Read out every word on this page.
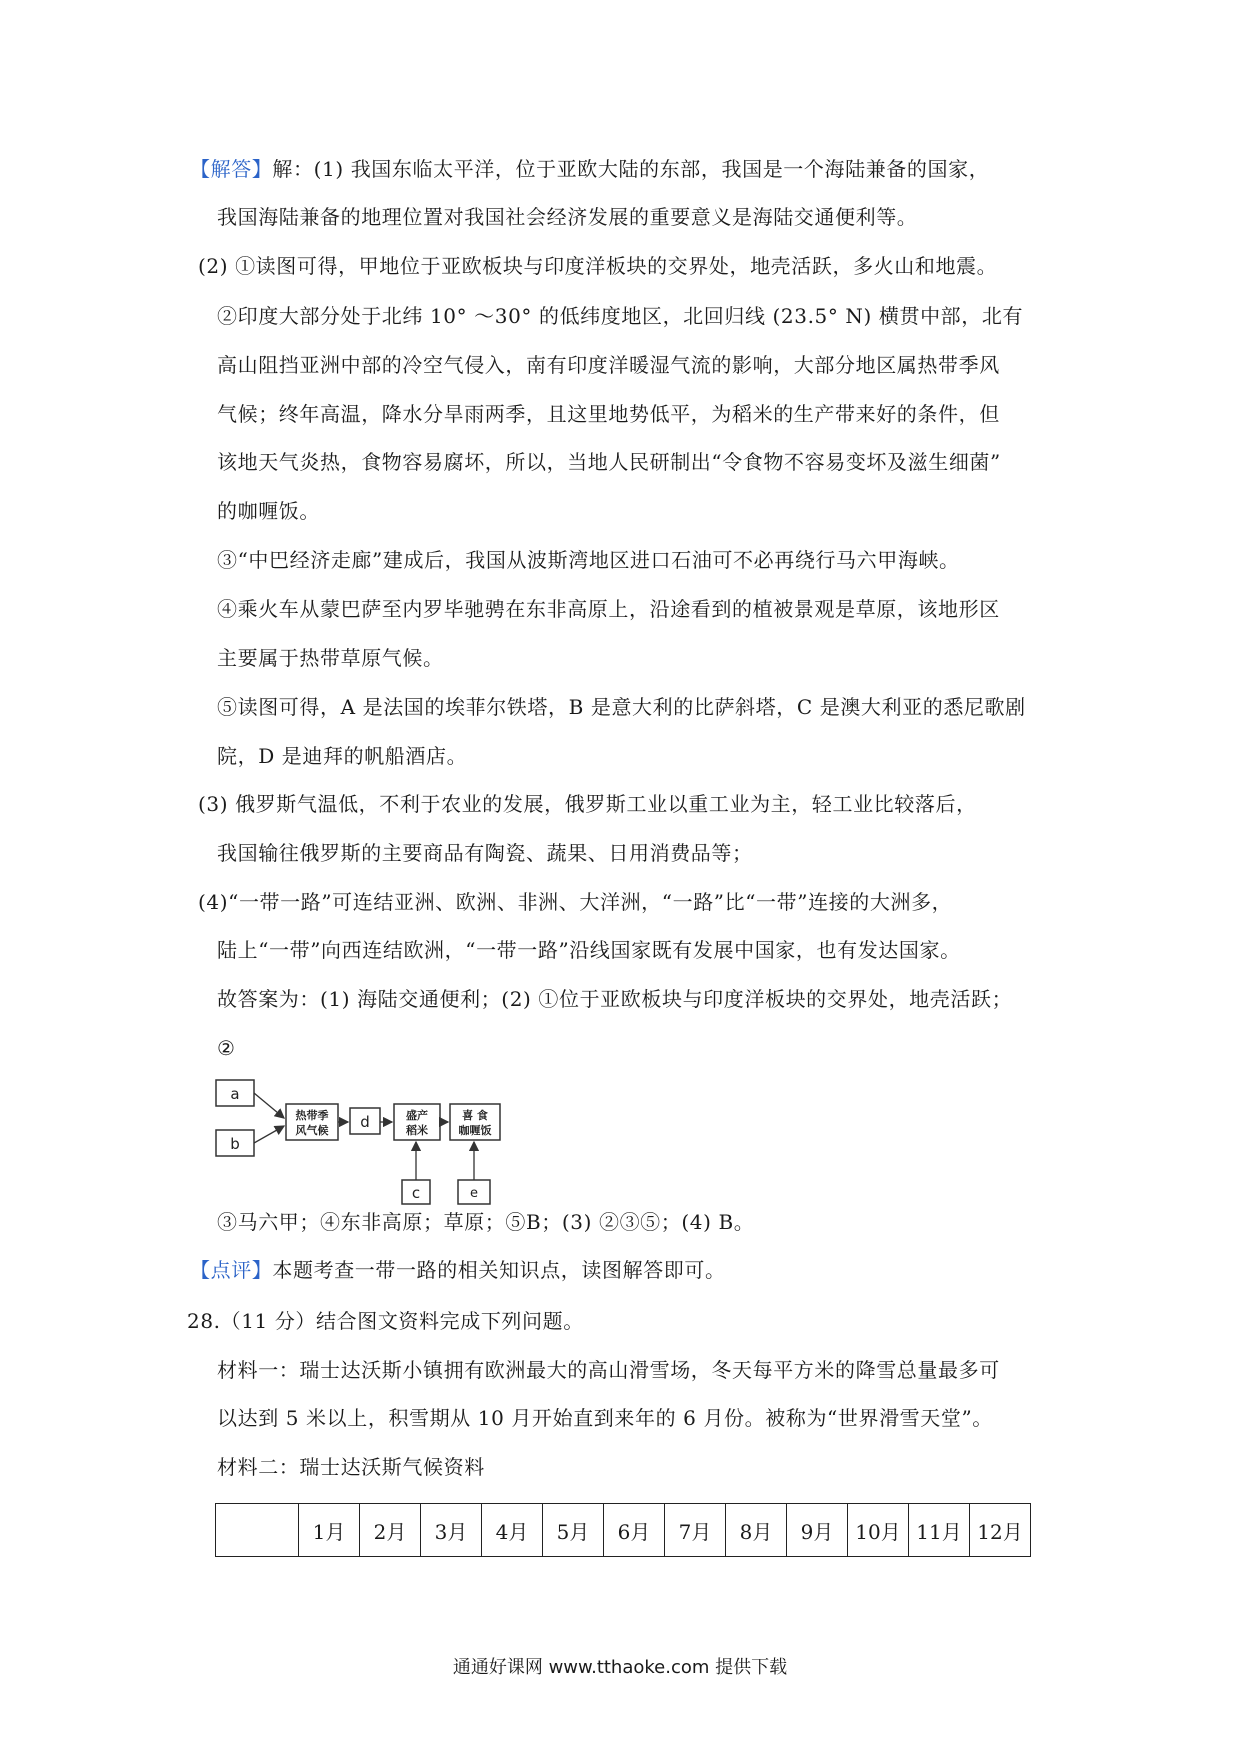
【解答】解：(1) 我国东临太平洋，位于亚欧大陆的东部，我国是一个海陆兼备的国家，
我国海陆兼备的地理位置对我国社会经济发展的重要意义是海陆交通便利等。
(2) ①读图可得，甲地位于亚欧板块与印度洋板块的交界处，地壳活跃，多火山和地震。
②印度大部分处于北纬 10° ～30° 的低纬度地区，北回归线 (23.5° N) 横贯中部，北有
高山阻挡亚洲中部的冷空气侵入，南有印度洋暖湿气流的影响，大部分地区属热带季风
气候；终年高温，降水分旱雨两季，且这里地势低平，为稻米的生产带来好的条件，但
该地天气炎热，食物容易腐坏，所以，当地人民研制出“令食物不容易变坏及滋生细菌”
的咖喱饭。
③“中巴经济走廊”建成后，我国从波斯湾地区进口石油可不必再绕行马六甲海峡。
④乘火车从蒙巴萨至内罗毕驰骋在东非高原上，沿途看到的植被景观是草原，该地形区
主要属于热带草原气候。
⑤读图可得，A 是法国的埃菲尔铁塔，B 是意大利的比萨斜塔，C 是澳大利亚的悉尼歌剧
院，D 是迪拜的帆船酒店。
(3) 俄罗斯气温低，不利于农业的发展，俄罗斯工业以重工业为主，轻工业比较落后，
我国输往俄罗斯的主要商品有陶瓷、蔬果、日用消费品等；
(4)“一带一路”可连结亚洲、欧洲、非洲、大洋洲，“一路”比“一带”连接的大洲多，
陆上“一带”向西连结欧洲，“一带一路”沿线国家既有发展中国家，也有发达国家。
故答案为：(1) 海陆交通便利；(2) ①位于亚欧板块与印度洋板块的交界处，地壳活跃；
②
a
b
热带季
风气候 d	盛产
稻米
喜 食
咖喱饭
c	e
③马六甲；④东非高原；草原；⑤B；(3) ②③⑤；(4) B。
【点评】本题考查一带一路的相关知识点，读图解答即可。
28.（11 分）结合图文资料完成下列问题。
材料一：瑞士达沃斯小镇拥有欧洲最大的高山滑雪场，冬天每平方米的降雪总量最多可
以达到 5 米以上，积雪期从 10 月开始直到来年的 6 月份。被称为“世界滑雪天堂”。
材料二：瑞士达沃斯气候资料
	1月	2月	3月	4月	5月	6月	7月	8月	9月	10月	11月	12月
通通好课网 www.tthaoke.com 提供下载
